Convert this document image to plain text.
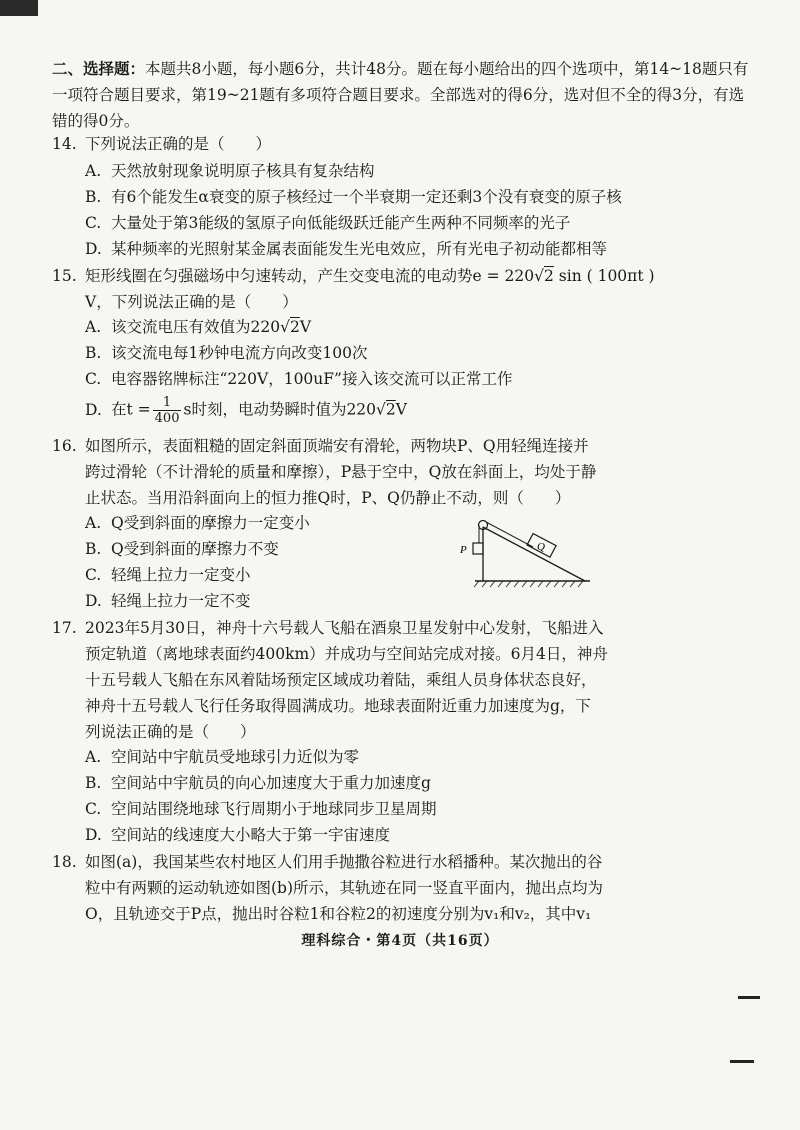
二、选择题：本题共8小题，每小题6分，共计48分。题在每小题给出的四个选项中，第14~18题只有一项符合题目要求，第19~21题有多项符合题目要求。全部选对的得6分，选对但不全的得3分，有选错的得0分。
14. 下列说法正确的是（　　）
A. 天然放射现象说明原子核具有复杂结构
B. 有6个能发生α衰变的原子核经过一个半衰期一定还剩3个没有衰变的原子核
C. 大量处于第3能级的氢原子向低能级跃迁能产生两种不同频率的光子
D. 某种频率的光照射某金属表面能发生光电效应，所有光电子初动能都相等
15. 矩形线圈在匀强磁场中匀速转动，产生交变电流的电动势e = 220√2 sin ( 100πt )
V，下列说法正确的是（　　）
A. 该交流电压有效值为220√2V
B. 该交流电每1秒钟电流方向改变100次
C. 电容器铭牌标注“220V，100uF”接入该交流可以正常工作
D. 在$t = \frac{1}{400}$ s时刻，电动势瞬时值为220√2V
16. 如图所示，表面粗糙的固定斜面顶端安有滑轮，两物块P、Q用轻绳连接并
跨过滑轮（不计滑轮的质量和摩擦），P悬于空中，Q放在斜面上，均处于静
止状态。当用沿斜面向上的恒力推Q时，P、Q仍静止不动，则（　　）
A. Q受到斜面的摩擦力一定变小
B. Q受到斜面的摩擦力不变
C. 轻绳上拉力一定变小
D. 轻绳上拉力一定不变
P	Q
17. 2023年5月30日，神舟十六号载人飞船在酒泉卫星发射中心发射，飞船进入
预定轨道（离地球表面约400km）并成功与空间站完成对接。6月4日，神舟
十五号载人飞船在东风着陆场预定区域成功着陆，乘组人员身体状态良好，
神舟十五号载人飞行任务取得圆满成功。地球表面附近重力加速度为g，下
列说法正确的是（　　）
A. 空间站中宇航员受地球引力近似为零
B. 空间站中宇航员的向心加速度大于重力加速度g
C. 空间站围绕地球飞行周期小于地球同步卫星周期
D. 空间站的线速度大小略大于第一宇宙速度
18. 如图(a)，我国某些农村地区人们用手抛撒谷粒进行水稻播种。某次抛出的谷
粒中有两颗的运动轨迹如图(b)所示，其轨迹在同一竖直平面内，抛出点均为
O，且轨迹交于P点，抛出时谷粒1和谷粒2的初速度分别为v₁和v₂，其中v₁
理科综合・第4页（共16页）
